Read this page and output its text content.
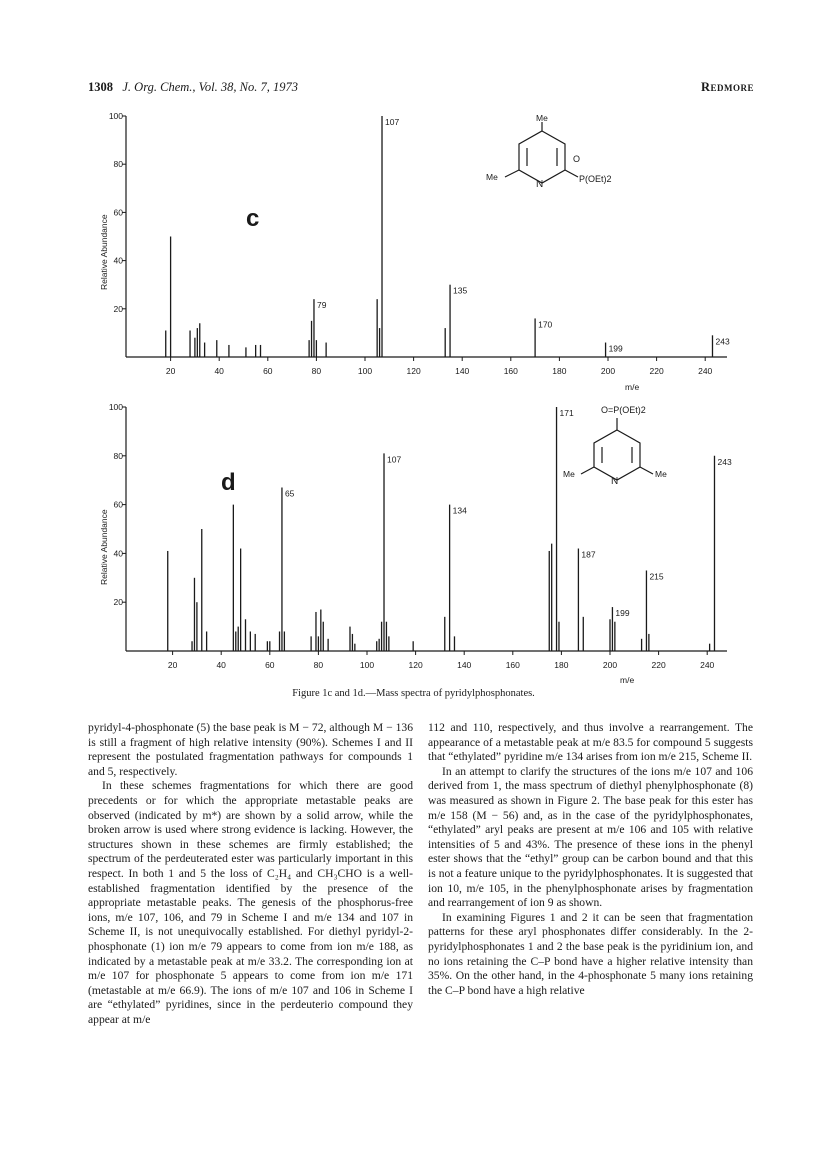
1308 J. Org. Chem., Vol. 38, No. 7, 1973	Redmore
Relative Abundance
m/e
c
107
79
135
170
199
243
20	40	60	80	100	120	140	160	180	200	220	240
20
40
60
80
100	Me
Me
N
O
P(OEt)2
Relative Abundance
m/e
d
171
107
65
134
187
215
199
243
20	40	60	80	100	120	140	160	180	200	220	240
20
40
60
80
100	O=P(OEt)2
Me	Me
N
Figure 1c and 1d.—Mass spectra of pyridylphosphonates.

pyridyl-4-phosphonate (5) the base peak is M − 72, although M − 136 is still a fragment of high relative intensity (90%). Schemes I and II represent the postulated fragmentation pathways for compounds 1 and 5, respectively.

In these schemes fragmentations for which there are good precedents or for which the appropriate metastable peaks are observed (indicated by m*) are shown by a solid arrow, while the broken arrow is used where strong evidence is lacking. However, the structures shown in these schemes are firmly established; the spectrum of the perdeuterated ester was particularly important in this respect. In both 1 and 5 the loss of C₂H₄ and CH₃CHO is a well-established fragmentation identified by the presence of the appropriate metastable peaks. The genesis of the phosphorus-free ions, m/e 107, 106, and 79 in Scheme I and m/e 134 and 107 in Scheme II, is not unequivocally established. For diethyl pyridyl-2-phosphonate (1) ion m/e 79 appears to come from ion m/e 188, as indicated by a metastable peak at m/e 33.2. The corresponding ion at m/e 107 for phosphonate 5 appears to come from ion m/e 171 (metastable at m/e 66.9). The ions of m/e 107 and 106 in Scheme I are “ethylated” pyridines, since in the perdeuterio compound they appear at m/e

112 and 110, respectively, and thus involve a rearrangement. The appearance of a metastable peak at m/e 83.5 for compound 5 suggests that “ethylated” pyridine m/e 134 arises from ion m/e 215, Scheme II.

In an attempt to clarify the structures of the ions m/e 107 and 106 derived from 1, the mass spectrum of diethyl phenylphosphonate (8) was measured as shown in Figure 2. The base peak for this ester has m/e 158 (M − 56) and, as in the case of the pyridylphosphonates, “ethylated” aryl peaks are present at m/e 106 and 105 with relative intensities of 5 and 43%. The presence of these ions in the phenyl ester shows that the “ethyl” group can be carbon bound and that this is not a feature unique to the pyridylphosphonates. It is suggested that ion 10, m/e 105, in the phenylphosphonate arises by fragmentation and rearrangement of ion 9 as shown.

In examining Figures 1 and 2 it can be seen that fragmentation patterns for these aryl phosphonates differ considerably. In the 2-pyridylphosphonates 1 and 2 the base peak is the pyridinium ion, and no ions retaining the C–P bond have a higher relative intensity than 35%. On the other hand, in the 4-phosphonate 5 many ions retaining the C–P bond have a high relative
